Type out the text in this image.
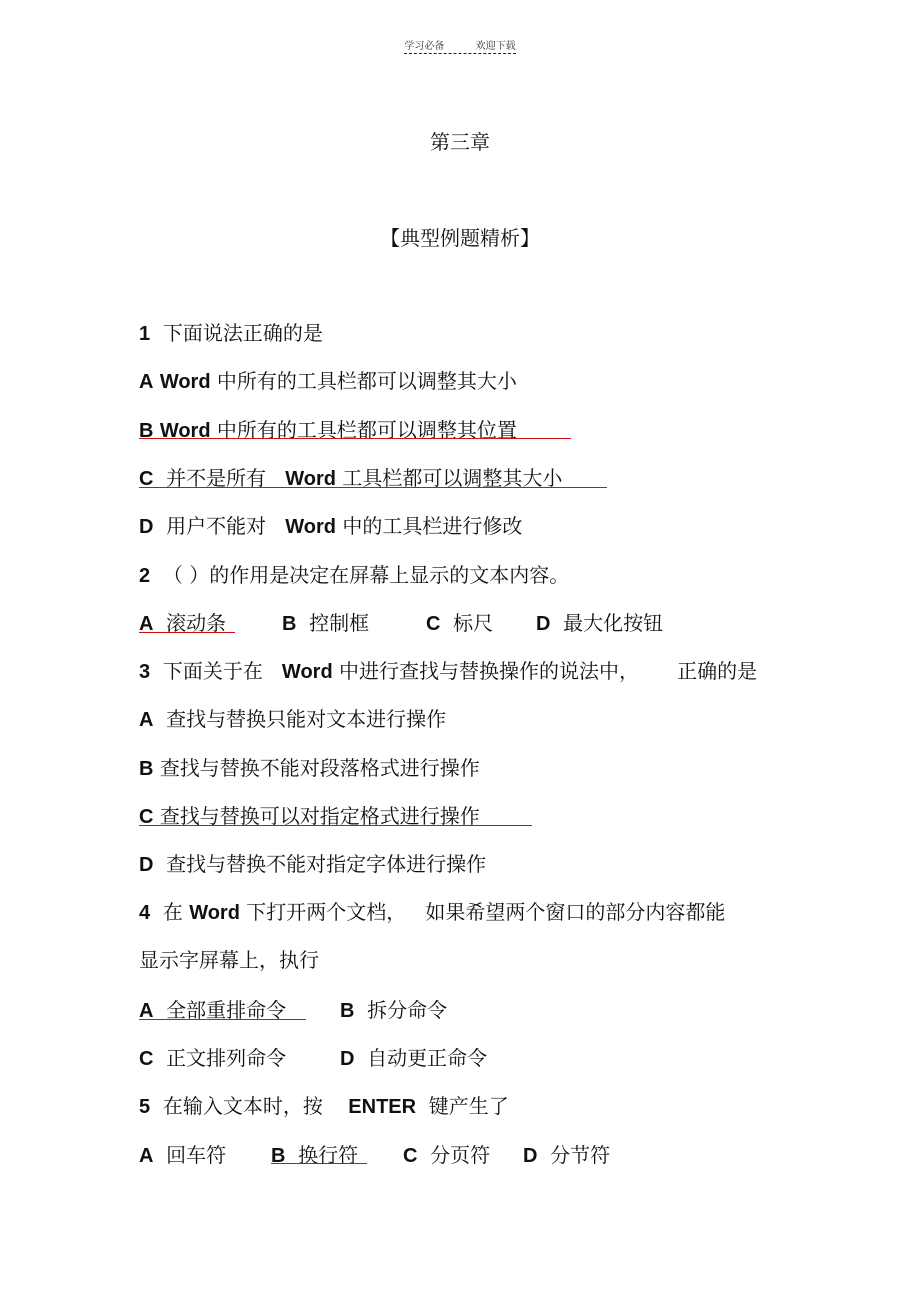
学习必备	欢迎下载
第三章
【典型例题精析】
1 下面说法正确的是
A Word 中所有的工具栏都可以调整其大小
B Word 中所有的工具栏都可以调整其位置
C 并不是所有 Word 工具栏都可以调整其大小
D 用户不能对 Word 中的工具栏进行修改
2 （ ）的作用是决定在屏幕上显示的文本内容。
A 滚动条	B 控制框	C 标尺 D 最大化按钮
3 下面关于在 Word 中进行查找与替换操作的说法中， 正确的是
A 查找与替换只能对文本进行操作
B 查找与替换不能对段落格式进行操作
C 查找与替换可以对指定格式进行操作
D 查找与替换不能对指定字体进行操作
4 在 Word 下打开两个文档， 如果希望两个窗口的部分内容都能
显示字屏幕上，执行
A 全部重排命令	B 拆分命令
C 正文排列命令	D 自动更正命令
5 在输入文本时，按 ENTER 键产生了
A 回车符 B 换行符 C 分页符 D 分节符
